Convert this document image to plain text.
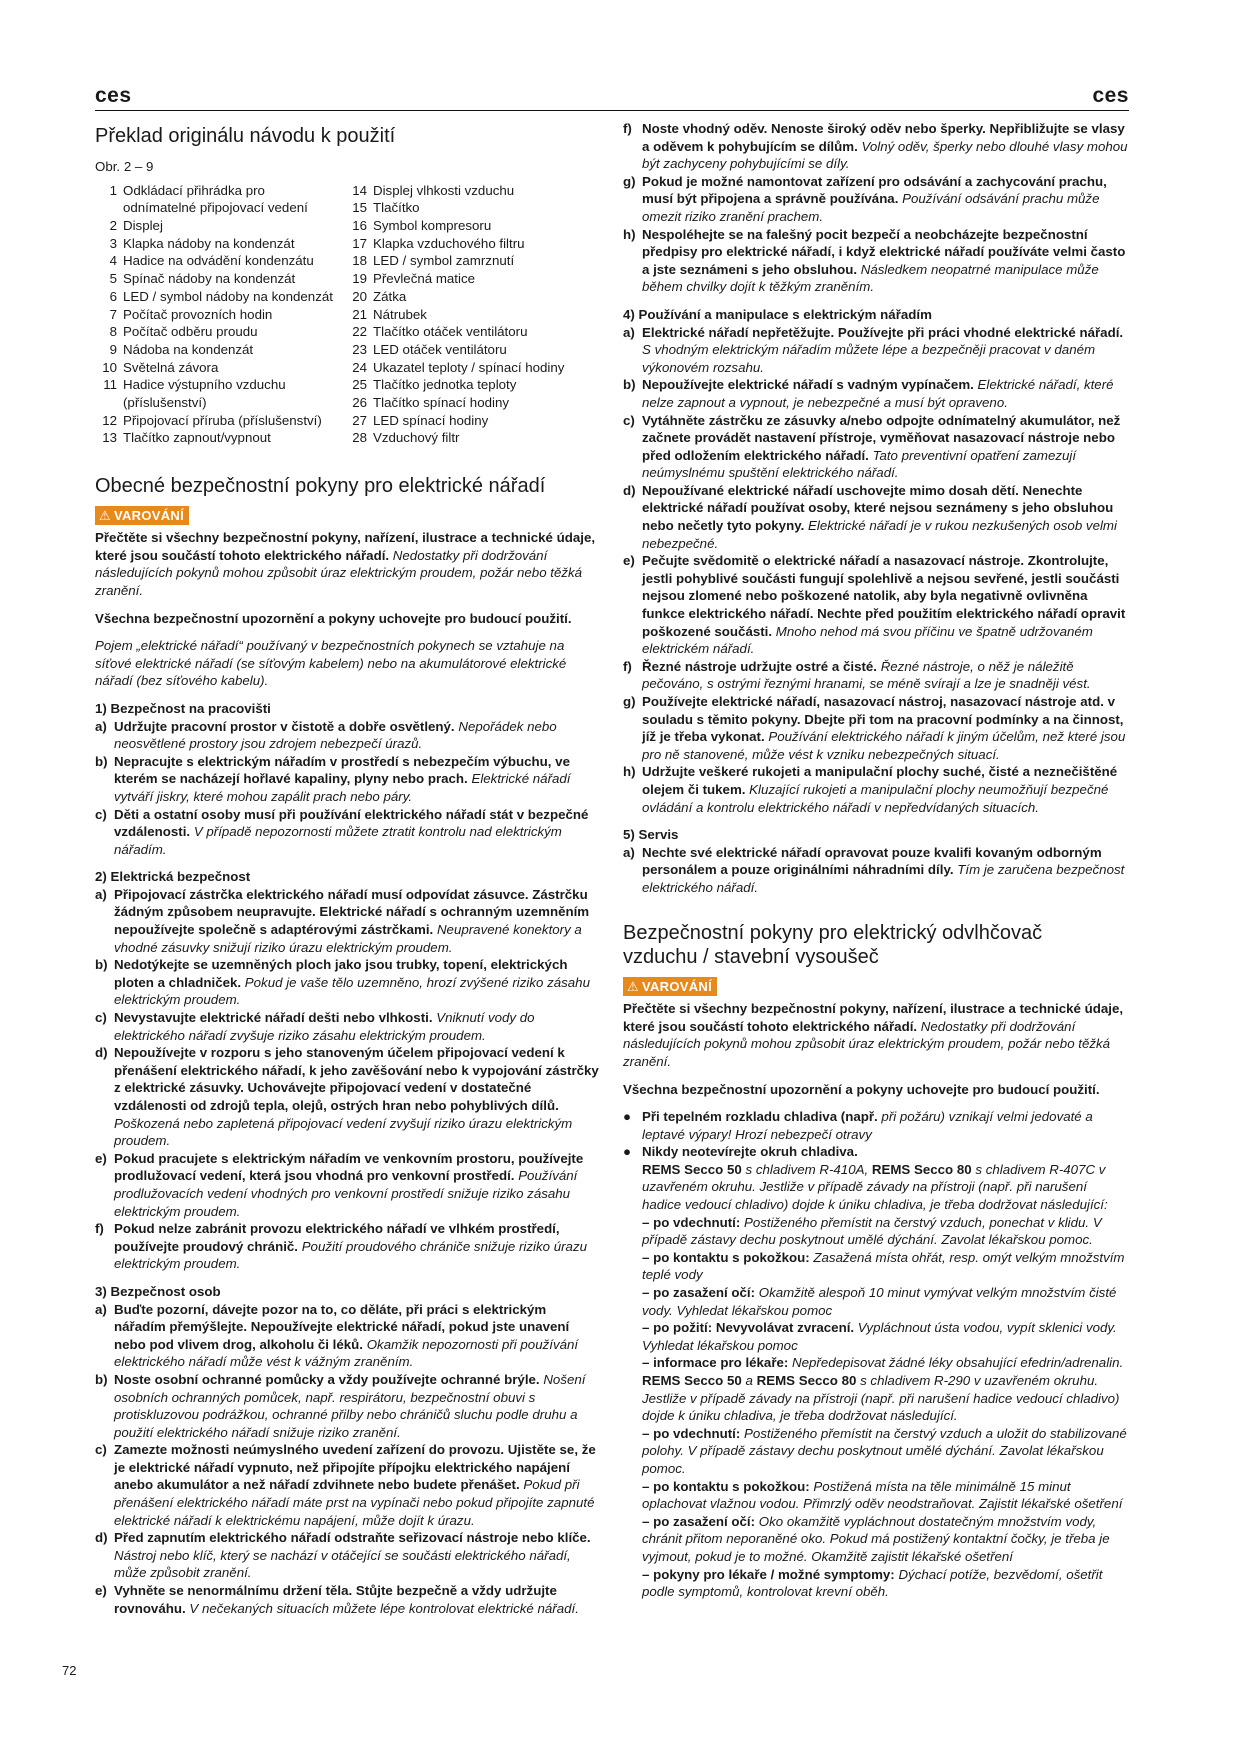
ces	ces
Překlad originálu návodu k použití
Obr. 2 – 9
1 Odkládací přihrádka pro
odnímatelné připojovací vedení
2 Displej
3 Klapka nádoby na kondenzát
4 Hadice na odvádění kondenzátu
5 Spínač nádoby na kondenzát
6 LED / symbol nádoby na kondenzát
7 Počítač provozních hodin
8 Počítač odběru proudu
9 Nádoba na kondenzát
10 Světelná závora
11 Hadice výstupního vzduchu
(příslušenství)
12 Připojovací příruba (příslušenství)
13 Tlačítko zapnout/vypnout
14 Displej vlhkosti vzduchu
15 Tlačítko
16 Symbol kompresoru
17 Klapka vzduchového filtru
18 LED / symbol zamrznutí
19 Převlečná matice
20 Zátka
21 Nátrubek
22 Tlačítko otáček ventilátoru
23 LED otáček ventilátoru
24 Ukazatel teploty / spínací hodiny
25 Tlačítko jednotka teploty
26 Tlačítko spínací hodiny
27 LED spínací hodiny
28 Vzduchový filtr
Obecné bezpečnostní pokyny pro elektrické nářadí
⚠ VAROVÁNÍ

Přečtěte si všechny bezpečnostní pokyny, nařízení, ilustrace a technické údaje, které jsou součástí tohoto elektrického nářadí. Nedostatky při dodržování následujících pokynů mohou způsobit úraz elektrickým proudem, požár nebo těžká zranění.

Všechna bezpečnostní upozornění a pokyny uchovejte pro budoucí použití.

Pojem „elektrické nářadí“ používaný v bezpečnostních pokynech se vztahuje na síťové elektrické nářadí (se síťovým kabelem) nebo na akumulátorové elektrické nářadí (bez síťového kabelu).

1) Bezpečnost na pracovišti

a) Udržujte pracovní prostor v čistotě a dobře osvětlený. Nepořádek nebo neosvětlené prostory jsou zdrojem nebezpečí úrazů.

b) Nepracujte s elektrickým nářadím v prostředí s nebezpečím výbuchu, ve kterém se nacházejí hořlavé kapaliny, plyny nebo prach. Elektrické nářadí vytváří jiskry, které mohou zapálit prach nebo páry.

c) Děti a ostatní osoby musí při používání elektrického nářadí stát v bezpečné vzdálenosti. V případě nepozornosti můžete ztratit kontrolu nad elektrickým nářadím.

2) Elektrická bezpečnost

a) Připojovací zástrčka elektrického nářadí musí odpovídat zásuvce. Zástrčku žádným způsobem neupravujte. Elektrické nářadí s ochranným uzemněním nepoužívejte společně s adaptérovými zástrčkami. Neupravené konektory a vhodné zásuvky snižují riziko úrazu elektrickým proudem.

b) Nedotýkejte se uzemněných ploch jako jsou trubky, topení, elektrických ploten a chladniček. Pokud je vaše tělo uzemněno, hrozí zvýšené riziko zásahu elektrickým proudem.

c) Nevystavujte elektrické nářadí dešti nebo vlhkosti. Vniknutí vody do elektrického nářadí zvyšuje riziko zásahu elektrickým proudem.

d) Nepoužívejte v rozporu s jeho stanoveným účelem připojovací vedení k přenášení elektrického nářadí, k jeho zavěšování nebo k vypojování zástrčky z elektrické zásuvky. Uchovávejte připojovací vedení v dostatečné vzdálenosti od zdrojů tepla, olejů, ostrých hran nebo pohyblivých dílů. Poškozená nebo zapletená připojovací vedení zvyšují riziko úrazu elektrickým proudem.

e) Pokud pracujete s elektrickým nářadím ve venkovním prostoru, používejte prodlužovací vedení, která jsou vhodná pro venkovní prostředí. Používání prodlužovacích vedení vhodných pro venkovní prostředí snižuje riziko zásahu elektrickým proudem.

f) Pokud nelze zabránit provozu elektrického nářadí ve vlhkém prostředí, používejte proudový chránič. Použití proudového chrániče snižuje riziko úrazu elektrickým proudem.

3) Bezpečnost osob

a) Buďte pozorní, dávejte pozor na to, co děláte, při práci s elektrickým nářadím přemýšlejte. Nepoužívejte elektrické nářadí, pokud jste unavení nebo pod vlivem drog, alkoholu či léků. Okamžik nepozornosti při používání elektrického nářadí může vést k vážným zraněním.

b) Noste osobní ochranné pomůcky a vždy používejte ochranné brýle. Nošení osobních ochranných pomůcek, např. respirátoru, bezpečnostní obuvi s protiskluzovou podrážkou, ochranné přilby nebo chráničů sluchu podle druhu a použití elektrického nářadí snižuje riziko zranění.

c) Zamezte možnosti neúmyslného uvedení zařízení do provozu. Ujistěte se, že je elektrické nářadí vypnuto, než připojíte přípojku elektrického napájení anebo akumulátor a než nářadí zdvihnete nebo budete přenášet. Pokud při přenášení elektrického nářadí máte prst na vypínači nebo pokud připojíte zapnuté elektrické nářadí k elektrickému napájení, může dojít k úrazu.

d) Před zapnutím elektrického nářadí odstraňte seřizovací nástroje nebo klíče. Nástroj nebo klíč, který se nachází v otáčející se součásti elektrického nářadí, může způsobit zranění.

e) Vyhněte se nenormálnímu držení těla. Stůjte bezpečně a vždy udržujte rovnováhu. V nečekaných situacích můžete lépe kontrolovat elektrické nářadí.

f) Noste vhodný oděv. Nenoste široký oděv nebo šperky. Nepřibližujte se vlasy a oděvem k pohybujícím se dílům. Volný oděv, šperky nebo dlouhé vlasy mohou být zachyceny pohybujícími se díly.

g) Pokud je možné namontovat zařízení pro odsávání a zachycování prachu, musí být připojena a správně používána. Používání odsávání prachu může omezit riziko zranění prachem.

h) Nespoléhejte se na falešný pocit bezpečí a neobcházejte bezpečnostní předpisy pro elektrické nářadí, i když elektrické nářadí používáte velmi často a jste seznámeni s jeho obsluhou. Následkem neopatrné manipulace může během chvilky dojít k těžkým zraněním.

4) Používání a manipulace s elektrickým nářadím

a) Elektrické nářadí nepřetěžujte. Používejte při práci vhodné elektrické nářadí. S vhodným elektrickým nářadím můžete lépe a bezpečněji pracovat v daném výkonovém rozsahu.

b) Nepoužívejte elektrické nářadí s vadným vypínačem. Elektrické nářadí, které nelze zapnout a vypnout, je nebezpečné a musí být opraveno.

c) Vytáhněte zástrčku ze zásuvky a/nebo odpojte odnímatelný akumulátor, než začnete provádět nastavení přístroje, vyměňovat nasazovací nástroje nebo před odložením elektrického nářadí. Tato preventivní opatření zamezují neúmyslnému spuštění elektrického nářadí.

d) Nepoužívané elektrické nářadí uschovejte mimo dosah dětí. Nenechte elektrické nářadí používat osoby, které nejsou seznámeny s jeho obsluhou nebo nečetly tyto pokyny. Elektrické nářadí je v rukou nezkušených osob velmi nebezpečné.

e) Pečujte svědomitě o elektrické nářadí a nasazovací nástroje. Zkontrolujte, jestli pohyblivé součásti fungují spolehlivě a nejsou sevřené, jestli součásti nejsou zlomené nebo poškozené natolik, aby byla negativně ovlivněna funkce elektrického nářadí. Nechte před použitím elektrického nářadí opravit poškozené součásti. Mnoho nehod má svou příčinu ve špatně udržovaném elektrickém nářadí.

f) Řezné nástroje udržujte ostré a čisté. Řezné nástroje, o něž je náležitě pečováno, s ostrými řeznými hranami, se méně svírají a lze je snadněji vést.

g) Používejte elektrické nářadí, nasazovací nástroj, nasazovací nástroje atd. v souladu s těmito pokyny. Dbejte při tom na pracovní podmínky a na činnost, jíž je třeba vykonat. Používání elektrického nářadí k jiným účelům, než které jsou pro ně stanovené, může vést k vzniku nebezpečných situací.

h) Udržujte veškeré rukojeti a manipulační plochy suché, čisté a neznečištěné olejem či tukem. Kluzající rukojeti a manipulační plochy neumožňují bezpečné ovládání a kontrolu elektrického nářadí v nepředvídaných situacích.

5) Servis

a) Nechte své elektrické nářadí opravovat pouze kvalifi kovaným odborným personálem a pouze originálními náhradními díly. Tím je zaručena bezpečnost elektrického nářadí.

Bezpečnostní pokyny pro elektrický odvlhčovač
vzduchu / stavební vysoušeč
⚠ VAROVÁNÍ

Přečtěte si všechny bezpečnostní pokyny, nařízení, ilustrace a technické údaje, které jsou součástí tohoto elektrického nářadí. Nedostatky při dodržování následujících pokynů mohou způsobit úraz elektrickým proudem, požár nebo těžká zranění.

Všechna bezpečnostní upozornění a pokyny uchovejte pro budoucí použití.

● Při tepelném rozkladu chladiva (např. při požáru) vznikají velmi jedovaté a leptavé výpary! Hrozí nebezpečí otravy

● Nikdy neotevírejte okruh chladiva.
REMS Secco 50 s chladivem R-410A, REMS Secco 80 s chladivem R-407C v uzavřeném okruhu. Jestliže v případě závady na přístroji (např. při narušení hadice vedoucí chladivo) dojde k úniku chladiva, je třeba dodržovat následující:

– po vdechnutí: Postiženého přemístit na čerstvý vzduch, ponechat v klidu. V případě zástavy dechu poskytnout umělé dýchání. Zavolat lékařskou pomoc.

– po kontaktu s pokožkou: Zasažená místa ohřát, resp. omýt velkým množstvím teplé vody

– po zasažení očí: Okamžitě alespoň 10 minut vymývat velkým množstvím čisté vody. Vyhledat lékařskou pomoc

– po požití: Nevyvolávat zvracení. Vypláchnout ústa vodou, vypít sklenici vody. Vyhledat lékařskou pomoc

– informace pro lékaře: Nepředepisovat žádné léky obsahující efedrin/adrenalin.

REMS Secco 50 a REMS Secco 80 s chladivem R-290 v uzavřeném okruhu. Jestliže v případě závady na přístroji (např. při narušení hadice vedoucí chladivo) dojde k úniku chladiva, je třeba dodržovat následující.

– po vdechnutí: Postiženého přemístit na čerstvý vzduch a uložit do stabilizované polohy. V případě zástavy dechu poskytnout umělé dýchání. Zavolat lékařskou pomoc.

– po kontaktu s pokožkou: Postižená místa na těle minimálně 15 minut oplachovat vlažnou vodou. Přimrzlý oděv neodstraňovat. Zajistit lékařské ošetření

– po zasažení očí: Oko okamžitě vypláchnout dostatečným množstvím vody, chránit přitom neporaněné oko. Pokud má postižený kontaktní čočky, je třeba je vyjmout, pokud je to možné. Okamžitě zajistit lékařské ošetření

– pokyny pro lékaře / možné symptomy: Dýchací potíže, bezvědomí, ošetřit podle symptomů, kontrolovat krevní oběh.

72
